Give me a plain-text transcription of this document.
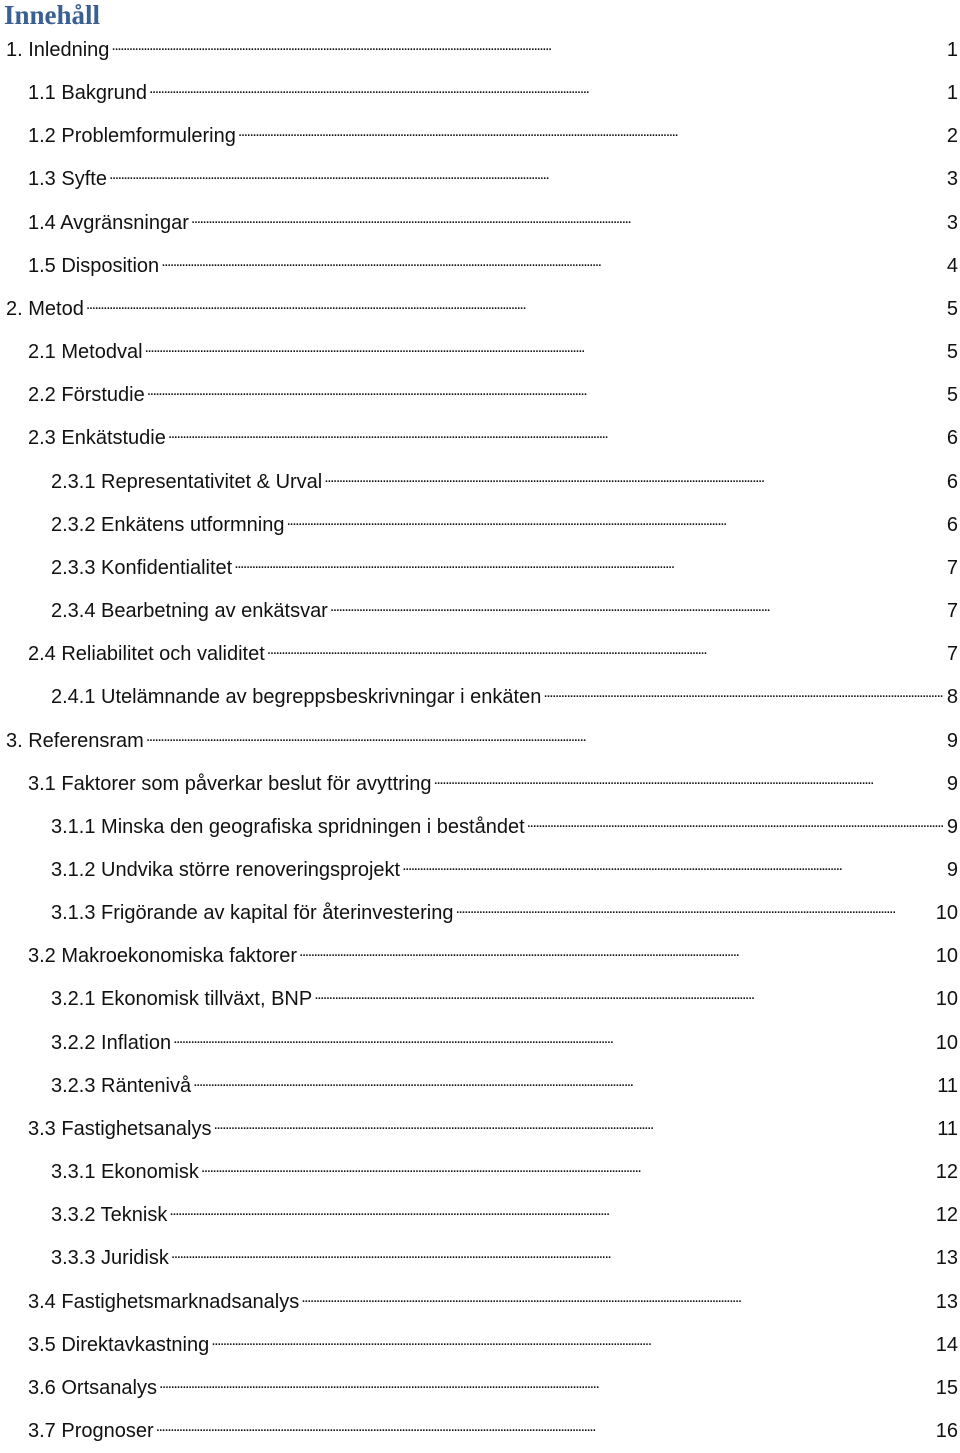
Innehåll
1. Inledning . . .	1
1.1 Bakgrund . . .	1
1.2 Problemformulering . . .	2
1.3 Syfte . . .	3
1.4 Avgränsningar . . .	3
1.5 Disposition . . .	4
2. Metod . . .	5
2.1 Metodval . . .	5
2.2 Förstudie . . .	5
2.3 Enkätstudie . . .	6
2.3.1 Representativitet & Urval . . .	6
2.3.2 Enkätens utformning . . .	6
2.3.3 Konfidentialitet . . .	7
2.3.4 Bearbetning av enkätsvar . . .	7
2.4 Reliabilitet och validitet . . .	7
2.4.1 Utelämnande av begreppsbeskrivningar i enkäten . . .	8
3. Referensram . . .	9
3.1 Faktorer som påverkar beslut för avyttring . . .	9
3.1.1 Minska den geografiska spridningen i beståndet . . .	9
3.1.2 Undvika större renoveringsprojekt . . .	9
3.1.3 Frigörande av kapital för återinvestering . . .	10
3.2 Makroekonomiska faktorer . . .	10
3.2.1 Ekonomisk tillväxt, BNP . . .	10
3.2.2 Inflation . . .	10
3.2.3 Räntenivå . . .	11
3.3 Fastighetsanalys . . .	11
3.3.1 Ekonomisk . . .	12
3.3.2 Teknisk . . .	12
3.3.3 Juridisk . . .	13
3.4 Fastighetsmarknadsanalys . . .	13
3.5 Direktavkastning . . .	14
3.6 Ortsanalys . . .	15
3.7 Prognoser . . .	16
